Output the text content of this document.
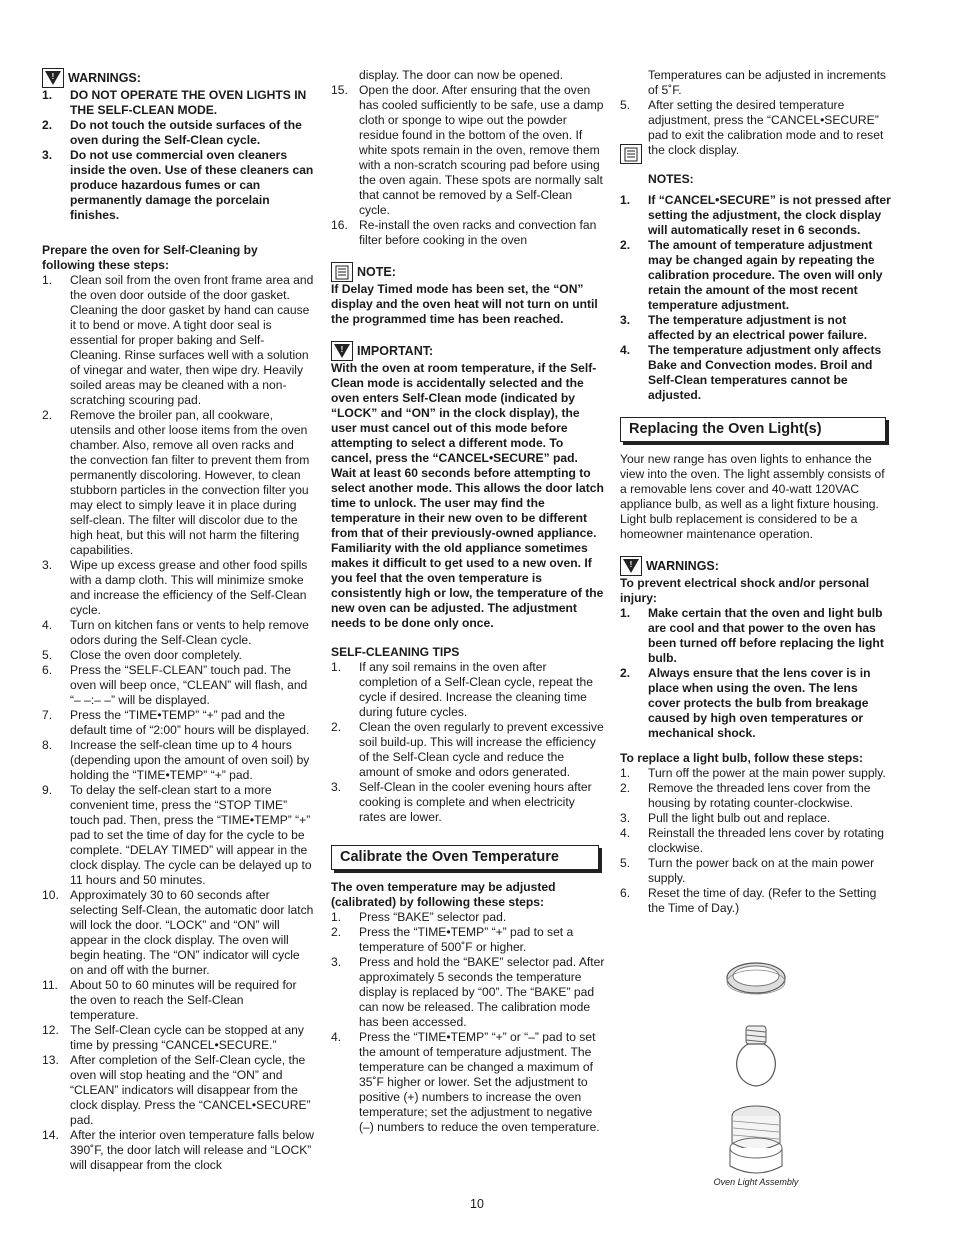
! WARNINGS:
1. DO NOT OPERATE THE OVEN LIGHTS IN THE SELF-CLEAN MODE.
2. Do not touch the outside surfaces of the oven during the Self-Clean cycle.
3. Do not use commercial oven cleaners inside the oven. Use of these cleaners can produce hazardous fumes or can permanently damage the porcelain finishes.

Prepare the oven for Self-Cleaning by following these steps:

1. Clean soil from the oven front frame area and the oven door outside of the door gasket. Cleaning the door gasket by hand can cause it to bend or move. A tight door seal is essential for proper baking and Self-Cleaning. Rinse surfaces well with a solution of vinegar and water, then wipe dry. Heavily soiled areas may be cleaned with a non-scratching scouring pad.
2. Remove the broiler pan, all cookware, utensils and other loose items from the oven chamber. Also, remove all oven racks and the convection fan filter to prevent them from permanently discoloring. However, to clean stubborn particles in the convection filter you may elect to simply leave it in place during self-clean. The filter will discolor due to the high heat, but this will not harm the filtering capabilities.
3. Wipe up excess grease and other food spills with a damp cloth. This will minimize smoke and increase the efficiency of the Self-Clean cycle.
4. Turn on kitchen fans or vents to help remove odors during the Self-Clean cycle.
5. Close the oven door completely.
6. Press the “SELF-CLEAN” touch pad. The oven will beep once, “CLEAN” will flash, and “– –:– –” will be displayed.
7. Press the “TIME•TEMP” “+” pad and the default time of “2:00” hours will be displayed.
8. Increase the self-clean time up to 4 hours (depending upon the amount of oven soil) by holding the “TIME•TEMP” “+” pad.
9. To delay the self-clean start to a more convenient time, press the “STOP TIME” touch pad. Then, press the “TIME•TEMP” “+” pad to set the time of day for the cycle to be complete. “DELAY TIMED” will appear in the clock display. The cycle can be delayed up to 11 hours and 50 minutes.
10. Approximately 30 to 60 seconds after selecting Self-Clean, the automatic door latch will lock the door. “LOCK” and “ON” will appear in the clock display. The oven will begin heating. The “ON” indicator will cycle on and off with the burner.
11. About 50 to 60 minutes will be required for the oven to reach the Self-Clean temperature.
12. The Self-Clean cycle can be stopped at any time by pressing “CANCEL•SECURE.”
13. After completion of the Self-Clean cycle, the oven will stop heating and the “ON” and “CLEAN” indicators will disappear from the clock display. Press the “CANCEL•SECURE” pad.
14. After the interior oven temperature falls below 390˚F, the door latch will release and “LOCK” will disappear from the clock
display. The door can now be opened.
15. Open the door. After ensuring that the oven has cooled sufficiently to be safe, use a damp cloth or sponge to wipe out the powder residue found in the bottom of the oven. If white spots remain in the oven, remove them with a non-scratch scouring pad before using the oven again. These spots are normally salt that cannot be removed by a Self-Clean cycle.
16. Re-install the oven racks and convection fan filter before cooking in the oven
NOTE:

If Delay Timed mode has been set, the “ON” display and the oven heat will not turn on until the programmed time has been reached.

! IMPORTANT:

With the oven at room temperature, if the Self-Clean mode is accidentally selected and the oven enters Self-Clean mode (indicated by “LOCK” and “ON” in the clock display), the user must cancel out of this mode before attempting to select a different mode. To cancel, press the “CANCEL•SECURE” pad. Wait at least 60 seconds before attempting to select another mode. This allows the door latch time to unlock. The user may find the temperature in their new oven to be different from that of their previously-owned appliance. Familiarity with the old appliance sometimes makes it difficult to get used to a new oven. If you feel that the oven temperature is consistently high or low, the temperature of the new oven can be adjusted. The adjustment needs to be done only once.

SELF-CLEANING TIPS

1. If any soil remains in the oven after completion of a Self-Clean cycle, repeat the cycle if desired. Increase the cleaning time during future cycles.
2. Clean the oven regularly to prevent excessive soil build-up. This will increase the efficiency of the Self-Clean cycle and reduce the amount of smoke and odors generated.
3. Self-Clean in the cooler evening hours after cooking is complete and when electricity rates are lower.
Calibrate the Oven Temperature

The oven temperature may be adjusted (calibrated) by following these steps:

1. Press “BAKE” selector pad.
2. Press the “TIME•TEMP” “+” pad to set a temperature of 500˚F or higher.
3. Press and hold the “BAKE” selector pad. After approximately 5 seconds the temperature display is replaced by “00”. The “BAKE” pad can now be released. The calibration mode has been accessed.
4. Press the “TIME•TEMP” “+” or “–” pad to set the amount of temperature adjustment. The temperature can be changed a maximum of 35˚F higher or lower. Set the adjustment to positive (+) numbers to increase the oven temperature; set the adjustment to negative (–) numbers to reduce the oven temperature.
Temperatures can be adjusted in increments of 5˚F.
5. After setting the desired temperature adjustment, press the “CANCEL•SECURE” pad to exit the calibration mode and to reset the clock display.

NOTES:

1. If “CANCEL•SECURE” is not pressed after setting the adjustment, the clock display will automatically reset in 6 seconds.
2. The amount of temperature adjustment may be changed again by repeating the calibration procedure. The oven will only retain the amount of the most recent temperature adjustment.
3. The temperature adjustment is not affected by an electrical power failure.
4. The temperature adjustment only affects Bake and Convection modes. Broil and Self-Clean temperatures cannot be adjusted.
Replacing the Oven Light(s)

Your new range has oven lights to enhance the view into the oven. The light assembly consists of a removable lens cover and 40-watt 120VAC appliance bulb, as well as a light fixture housing. Light bulb replacement is considered to be a homeowner maintenance operation.

! WARNINGS:

To prevent electrical shock and/or personal injury:

1. Make certain that the oven and light bulb are cool and that power to the oven has been turned off before replacing the light bulb.
2. Always ensure that the lens cover is in place when using the oven. The lens cover protects the bulb from breakage caused by high oven temperatures or mechanical shock.

To replace a light bulb, follow these steps:

1. Turn off the power at the main power supply.
2. Remove the threaded lens cover from the housing by rotating counter-clockwise.
3. Pull the light bulb out and replace.
4. Reinstall the threaded lens cover by rotating clockwise.
5. Turn the power back on at the main power supply.
6. Reset the time of day. (Refer to the Setting the Time of Day.)
Oven Light Assembly
10
